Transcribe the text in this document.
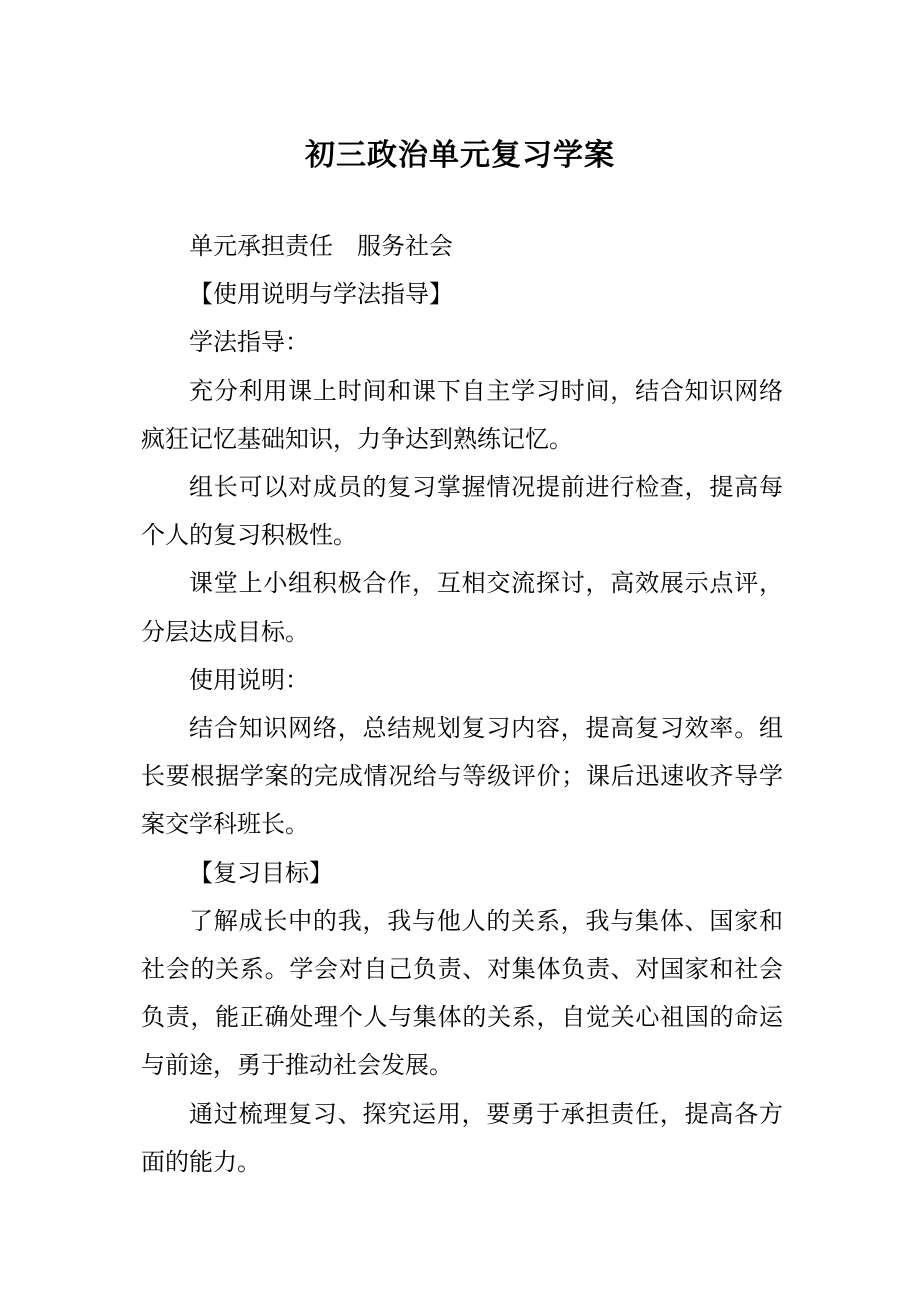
初三政治单元复习学案

单元承担责任　服务社会

【使用说明与学法指导】

学法指导：

充分利用课上时间和课下自主学习时间，结合知识网络疯狂记忆基础知识，力争达到熟练记忆。

组长可以对成员的复习掌握情况提前进行检查，提高每个人的复习积极性。

课堂上小组积极合作，互相交流探讨，高效展示点评，分层达成目标。

使用说明：

结合知识网络，总结规划复习内容，提高复习效率。组长要根据学案的完成情况给与等级评价；课后迅速收齐导学案交学科班长。

【复习目标】

了解成长中的我，我与他人的关系，我与集体、国家和社会的关系。学会对自己负责、对集体负责、对国家和社会负责，能正确处理个人与集体的关系，自觉关心祖国的命运与前途，勇于推动社会发展。

通过梳理复习、探究运用，要勇于承担责任，提高各方面的能力。
